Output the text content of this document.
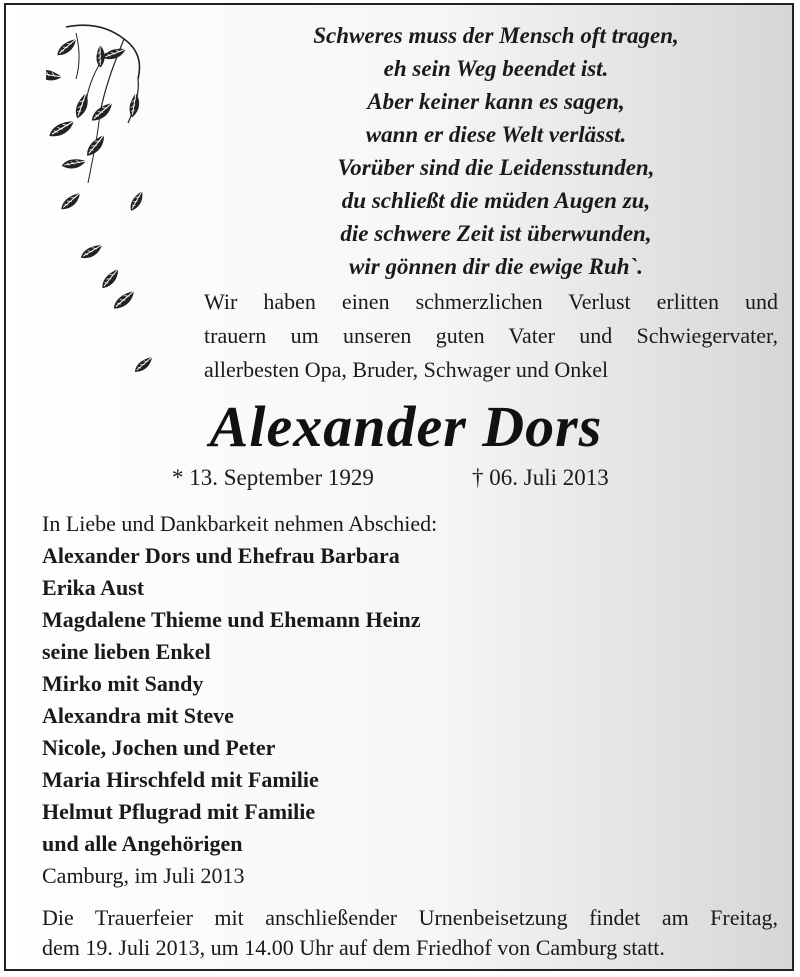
Schweres muss der Mensch oft tragen,
eh sein Weg beendet ist.
Aber keiner kann es sagen,
wann er diese Welt verlässt.
Vorüber sind die Leidensstunden,
du schließt die müden Augen zu,
die schwere Zeit ist überwunden,
wir gönnen dir die ewige Ruh`.
Wir haben einen schmerzlichen Verlust erlitten und
trauern um unseren guten Vater und Schwiegervater,
allerbesten Opa, Bruder, Schwager und Onkel
Alexander Dors
* 13. September 1929	† 06. Juli 2013
In Liebe und Dankbarkeit nehmen Abschied:
Alexander Dors und Ehefrau Barbara
Erika Aust
Magdalene Thieme und Ehemann Heinz
seine lieben Enkel
Mirko mit Sandy
Alexandra mit Steve
Nicole, Jochen und Peter
Maria Hirschfeld mit Familie
Helmut Pflugrad mit Familie
und alle Angehörigen
Camburg, im Juli 2013
Die Trauerfeier mit anschließender Urnenbeisetzung findet am Freitag,
dem 19. Juli 2013, um 14.00 Uhr auf dem Friedhof von Camburg statt.
